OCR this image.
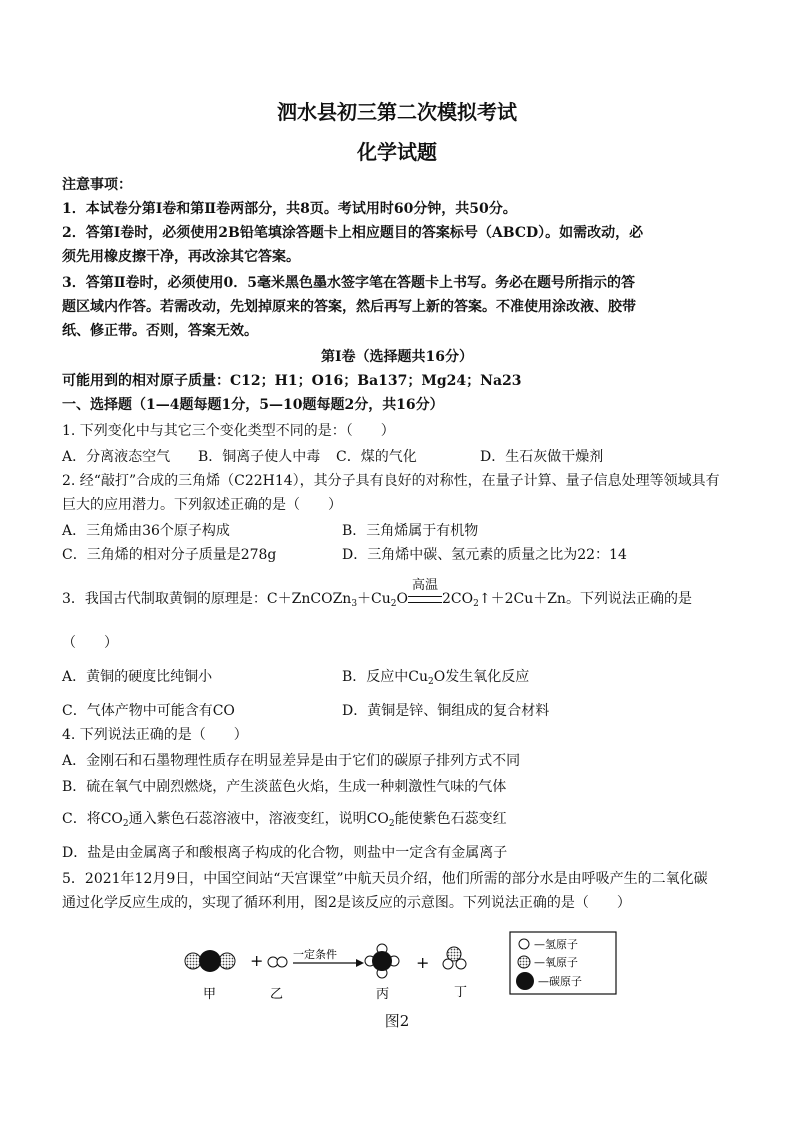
泗水县初三第二次模拟考试
化学试题
注意事项：
1．本试卷分第Ⅰ卷和第Ⅱ卷两部分，共8页。考试用时60分钟，共50分。
2．答第Ⅰ卷时，必须使用2B铅笔填涂答题卡上相应题目的答案标号（ABCD）。如需改动，必
须先用橡皮擦干净，再改涂其它答案。
3．答第Ⅱ卷时，必须使用0．5毫米黑色墨水签字笔在答题卡上书写。务必在题号所指示的答
题区域内作答。若需改动，先划掉原来的答案，然后再写上新的答案。不准使用涂改液、胶带
纸、修正带。否则，答案无效。
第Ⅰ卷（选择题共16分）
可能用到的相对原子质量：C12；H1；O16；Ba137；Mg24；Na23
一、选择题（1—4题每题1分，5—10题每题2分，共16分）
1. 下列变化中与其它三个变化类型不同的是：（　　）
A．分离液态空气 B．铜离子使人中毒 C．煤的气化	D．生石灰做干燥剂
2. 经“敲打”合成的三角烯（C22H14），其分子具有良好的对称性，在量子计算、量子信息处理等领域具有
巨大的应用潜力。下列叙述正确的是（　　）
A．三角烯由36个原子构成	B．三角烯属于有机物
C．三角烯的相对分子质量是278g	D．三角烯中碳、氢元素的质量之比为22：14
3．我国古代制取黄铜的原理是：$C+ZnCOZn_3+Cu_2O$
高温
$2CO_2↑+2Cu+Zn$。下列说法正确的是
（　　）
A．黄铜的硬度比纯铜小	B．反应中$Cu_2O$发生氧化反应
C．气体产物中可能含有CO	D．黄铜是锌、铜组成的复合材料
4. 下列说法正确的是（　　）
A．金刚石和石墨物理性质存在明显差异是由于它们的碳原子排列方式不同
B．硫在氧气中剧烈燃烧，产生淡蓝色火焰，生成一种刺激性气味的气体
C．将$CO_2$通入紫色石蕊溶液中，溶液变红，说明$CO_2$能使紫色石蕊变红
D．盐是由金属离子和酸根离子构成的化合物，则盐中一定含有金属离子
5．2021年12月9日，中国空间站“天宫课堂”中航天员介绍，他们所需的部分水是由呼吸产生的二氧化碳
通过化学反应生成的，实现了循环利用，图2是该反应的示意图。下列说法正确的是（　　）
+	一定条件	+
甲	乙	丙	丁
—氢原子
—氧原子
—碳原子
图2
